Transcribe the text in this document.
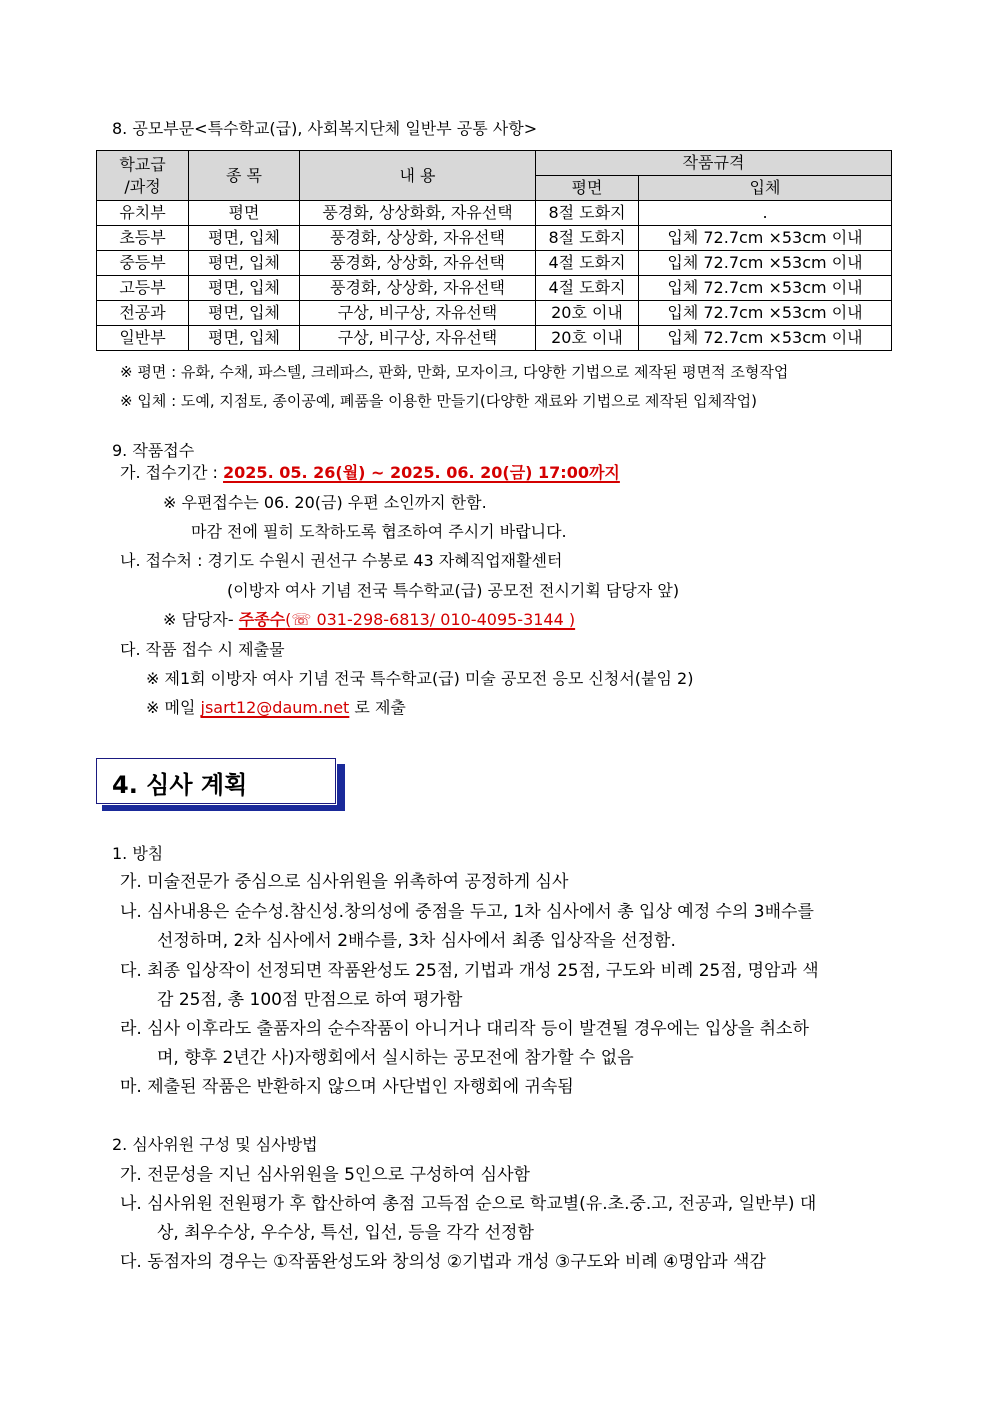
8. 공모부문<특수학교(급), 사회복지단체 일반부 공통 사항>
학교급
/과정	종 목	내 용	작품규격	
			평면	입체
유치부	평면	풍경화, 상상화화, 자유선택	8절 도화지	.
초등부	평면, 입체	풍경화, 상상화, 자유선택	8절 도화지	입체 72.7cm ×53cm 이내
중등부	평면, 입체	풍경화, 상상화, 자유선택	4절 도화지	입체 72.7cm ×53cm 이내
고등부	평면, 입체	풍경화, 상상화, 자유선택	4절 도화지	입체 72.7cm ×53cm 이내
전공과	평면, 입체	구상, 비구상, 자유선택	20호 이내	입체 72.7cm ×53cm 이내
일반부	평면, 입체	구상, 비구상, 자유선택	20호 이내	입체 72.7cm ×53cm 이내
※ 평면 : 유화, 수채, 파스텔, 크레파스, 판화, 만화, 모자이크, 다양한 기법으로 제작된 평면적 조형작업
※ 입체 : 도예, 지점토, 종이공예, 폐품을 이용한 만들기(다양한 재료와 기법으로 제작된 입체작업)
9. 작품접수
가. 접수기간 : 2025. 05. 26(월) ~ 2025. 06. 20(금) 17:00까지
※ 우편접수는 06. 20(금) 우편 소인까지 한함.
마감 전에 필히 도착하도록 협조하여 주시기 바랍니다.
나. 접수처 : 경기도 수원시 권선구 수봉로 43 자혜직업재활센터
(이방자 여사 기념 전국 특수학교(급) 공모전 전시기획 담당자 앞)
※ 담당자- 주종수(☏ 031-298-6813/ 010-4095-3144 )
다. 작품 접수 시 제출물
※ 제1회 이방자 여사 기념 전국 특수학교(급) 미술 공모전 응모 신청서(붙임 2)
※ 메일 jsart12@daum.net 로 제출
4. 심사 계획
1. 방침
가. 미술전문가 중심으로 심사위원을 위촉하여 공정하게 심사
나. 심사내용은 순수성.참신성.창의성에 중점을 두고, 1차 심사에서 총 입상 예정 수의 3배수를
선정하며, 2차 심사에서 2배수를, 3차 심사에서 최종 입상작을 선정함.
다. 최종 입상작이 선정되면 작품완성도 25점, 기법과 개성 25점, 구도와 비례 25점, 명암과 색
감 25점, 총 100점 만점으로 하여 평가함
라. 심사 이후라도 출품자의 순수작품이 아니거나 대리작 등이 발견될 경우에는 입상을 취소하
며, 향후 2년간 사)자행회에서 실시하는 공모전에 참가할 수 없음
마. 제출된 작품은 반환하지 않으며 사단법인 자행회에 귀속됨
2. 심사위원 구성 및 심사방법
가. 전문성을 지닌 심사위원을 5인으로 구성하여 심사함
나. 심사위원 전원평가 후 합산하여 총점 고득점 순으로 학교별(유.초.중.고, 전공과, 일반부) 대
상, 최우수상, 우수상, 특선, 입선, 등을 각각 선정함
다. 동점자의 경우는 ①작품완성도와 창의성 ②기법과 개성 ③구도와 비례 ④명암과 색감
